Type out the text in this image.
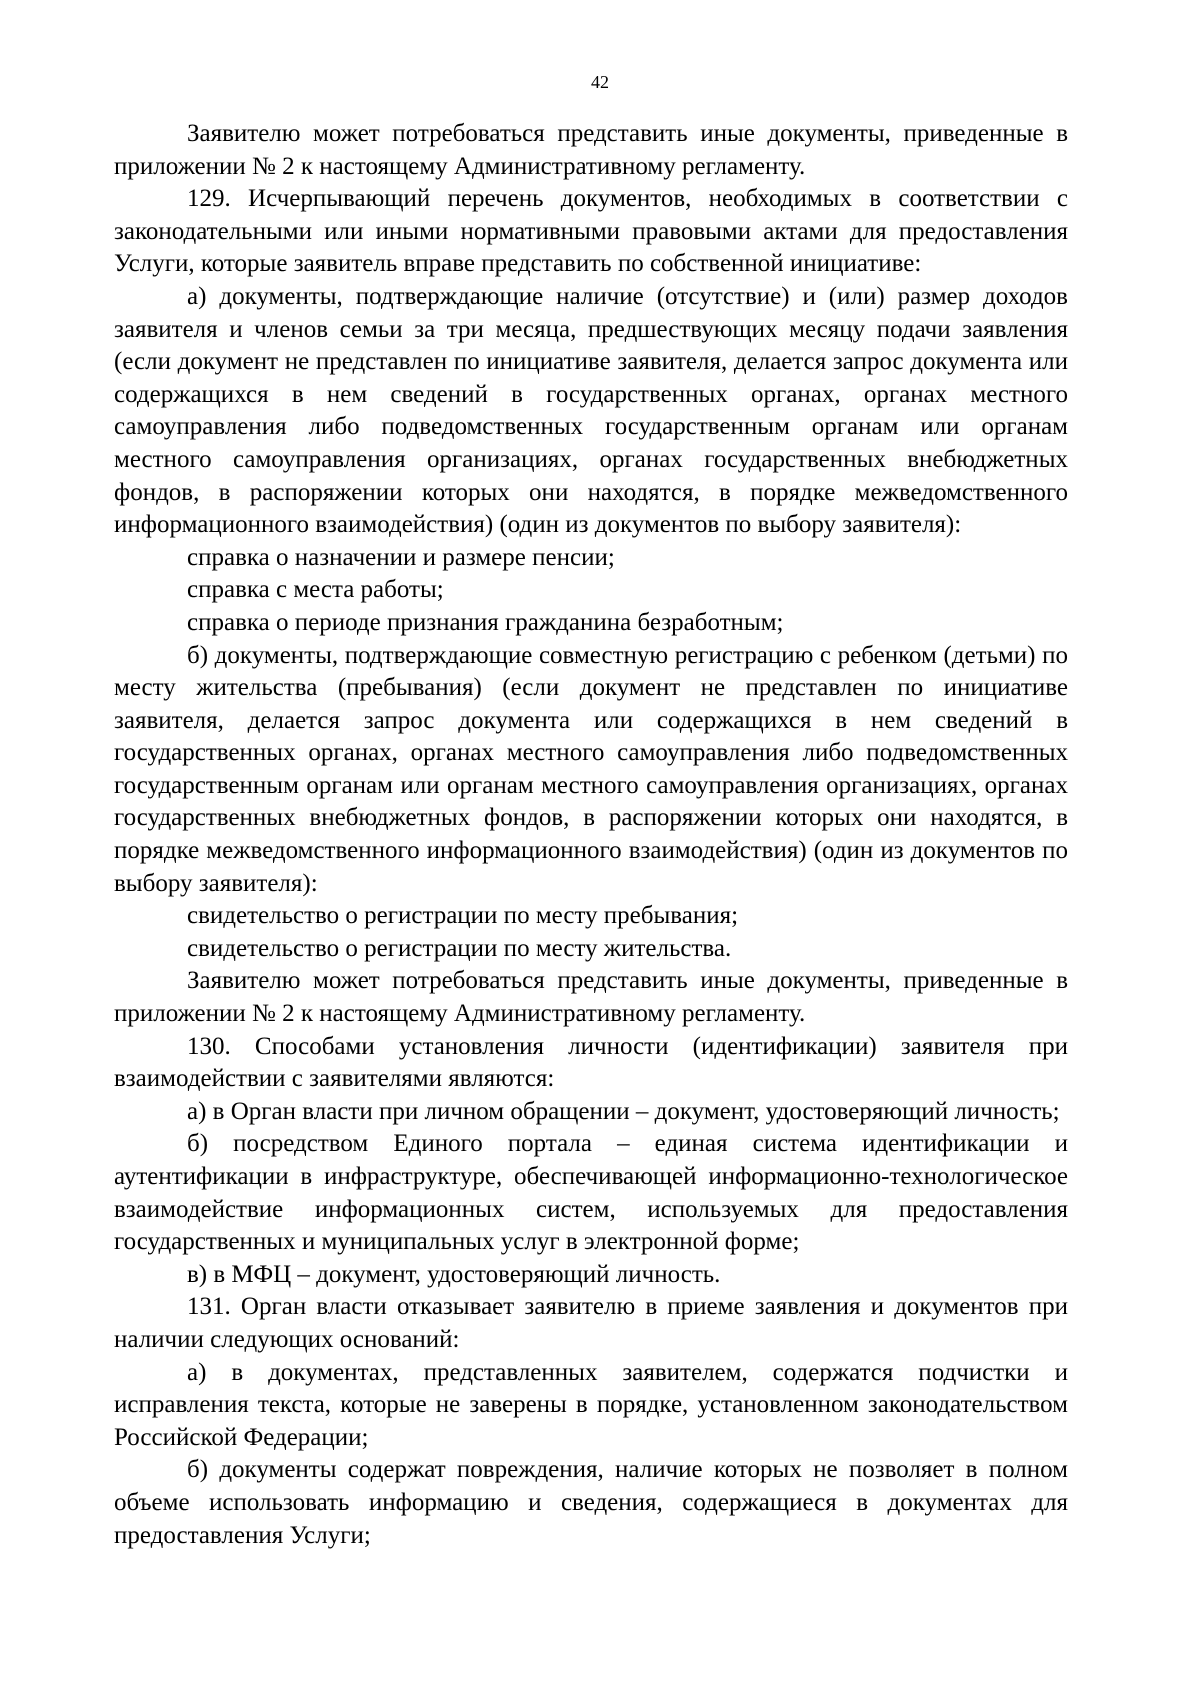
42

Заявителю может потребоваться представить иные документы, приведенные в приложении № 2 к настоящему Административному регламенту.

129. Исчерпывающий перечень документов, необходимых в соответствии с законодательными или иными нормативными правовыми актами для предоставления Услуги, которые заявитель вправе представить по собственной инициативе:

а) документы, подтверждающие наличие (отсутствие) и (или) размер доходов заявителя и членов семьи за три месяца, предшествующих месяцу подачи заявления (если документ не представлен по инициативе заявителя, делается запрос документа или содержащихся в нем сведений в государственных органах, органах местного самоуправления либо подведомственных государственным органам или органам местного самоуправления организациях, органах государственных внебюджетных фондов, в распоряжении которых они находятся, в порядке межведомственного информационного взаимодействия) (один из документов по выбору заявителя):

справка о назначении и размере пенсии;

справка с места работы;

справка о периоде признания гражданина безработным;

б) документы, подтверждающие совместную регистрацию с ребенком (детьми) по месту жительства (пребывания) (если документ не представлен по инициативе заявителя, делается запрос документа или содержащихся в нем сведений в государственных органах, органах местного самоуправления либо подведомственных государственным органам или органам местного самоуправления организациях, органах государственных внебюджетных фондов, в распоряжении которых они находятся, в порядке межведомственного информационного взаимодействия) (один из документов по выбору заявителя):

свидетельство о регистрации по месту пребывания;

свидетельство о регистрации по месту жительства.

Заявителю может потребоваться представить иные документы, приведенные в приложении № 2 к настоящему Административному регламенту.

130. Способами установления личности (идентификации) заявителя при взаимодействии с заявителями являются:

а) в Орган власти при личном обращении – документ, удостоверяющий личность;

б) посредством Единого портала – единая система идентификации и аутентификации в инфраструктуре, обеспечивающей информационно-технологическое взаимодействие информационных систем, используемых для предоставления государственных и муниципальных услуг в электронной форме;

в) в МФЦ – документ, удостоверяющий личность.

131. Орган власти отказывает заявителю в приеме заявления и документов при наличии следующих оснований:

а) в документах, представленных заявителем, содержатся подчистки и исправления текста, которые не заверены в порядке, установленном законодательством Российской Федерации;

б) документы содержат повреждения, наличие которых не позволяет в полном объеме использовать информацию и сведения, содержащиеся в документах для предоставления Услуги;
